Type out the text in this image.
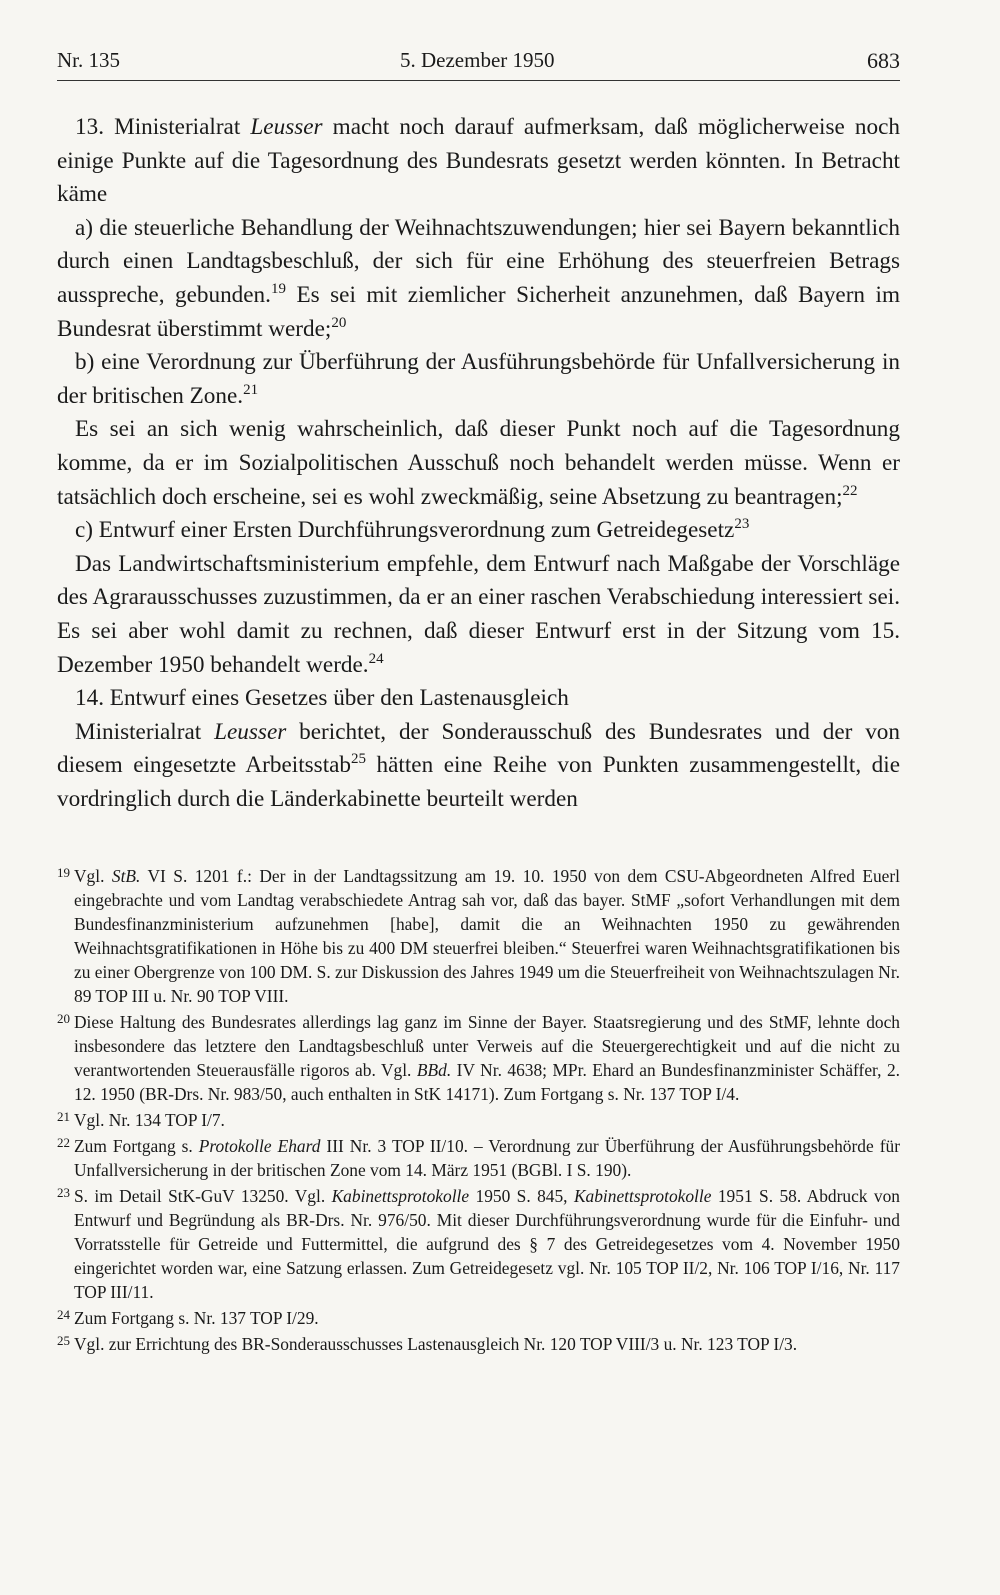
Nr. 135	5. Dezember 1950	683

13. Ministerialrat Leusser macht noch darauf aufmerksam, daß möglicherweise noch einige Punkte auf die Tagesordnung des Bundesrats gesetzt werden könnten. In Betracht käme

a) die steuerliche Behandlung der Weihnachtszuwendungen; hier sei Bayern bekanntlich durch einen Landtagsbeschluß, der sich für eine Erhöhung des steuerfreien Betrags ausspreche, gebunden.$^{19}$ Es sei mit ziemlicher Sicherheit anzunehmen, daß Bayern im Bundesrat überstimmt werde;$^{20}$

b) eine Verordnung zur Überführung der Ausführungsbehörde für Unfallversicherung in der britischen Zone.$^{21}$

Es sei an sich wenig wahrscheinlich, daß dieser Punkt noch auf die Tagesordnung komme, da er im Sozialpolitischen Ausschuß noch behandelt werden müsse. Wenn er tatsächlich doch erscheine, sei es wohl zweckmäßig, seine Absetzung zu beantragen;$^{22}$

c) Entwurf einer Ersten Durchführungsverordnung zum Getreidegesetz$^{23}$

Das Landwirtschaftsministerium empfehle, dem Entwurf nach Maßgabe der Vorschläge des Agrarausschusses zuzustimmen, da er an einer raschen Verabschiedung interessiert sei. Es sei aber wohl damit zu rechnen, daß dieser Entwurf erst in der Sitzung vom 15. Dezember 1950 behandelt werde.$^{24}$

14. Entwurf eines Gesetzes über den Lastenausgleich

Ministerialrat Leusser berichtet, der Sonderausschuß des Bundesrates und der von diesem eingesetzte Arbeitsstab$^{25}$ hätten eine Reihe von Punkten zusammengestellt, die vordringlich durch die Länderkabinette beurteilt werden

19 Vgl. StB. VI S. 1201 f.: Der in der Landtagssitzung am 19. 10. 1950 von dem CSU-Abgeordneten Alfred Euerl eingebrachte und vom Landtag verabschiedete Antrag sah vor, daß das bayer. StMF „sofort Verhandlungen mit dem Bundesfinanzministerium aufzunehmen [habe], damit die an Weihnachten 1950 zu gewährenden Weihnachtsgratifikationen in Höhe bis zu 400 DM steuerfrei bleiben.“ Steuerfrei waren Weihnachtsgratifikationen bis zu einer Obergrenze von 100 DM. S. zur Diskussion des Jahres 1949 um die Steuerfreiheit von Weihnachtszulagen Nr. 89 TOP III u. Nr. 90 TOP VIII.

20 Diese Haltung des Bundesrates allerdings lag ganz im Sinne der Bayer. Staatsregierung und des StMF, lehnte doch insbesondere das letztere den Landtagsbeschluß unter Verweis auf die Steuergerechtigkeit und auf die nicht zu verantwortenden Steuerausfälle rigoros ab. Vgl. BBd. IV Nr. 4638; MPr. Ehard an Bundesfinanzminister Schäffer, 2. 12. 1950 (BR-Drs. Nr. 983/50, auch enthalten in StK 14171). Zum Fortgang s. Nr. 137 TOP I/4.

21 Vgl. Nr. 134 TOP I/7.

22 Zum Fortgang s. Protokolle Ehard III Nr. 3 TOP II/10. – Verordnung zur Überführung der Ausführungsbehörde für Unfallversicherung in der britischen Zone vom 14. März 1951 (BGBl. I S. 190).

23 S. im Detail StK-GuV 13250. Vgl. Kabinettsprotokolle 1950 S. 845, Kabinettsprotokolle 1951 S. 58. Abdruck von Entwurf und Begründung als BR-Drs. Nr. 976/50. Mit dieser Durchführungsverordnung wurde für die Einfuhr- und Vorratsstelle für Getreide und Futtermittel, die aufgrund des § 7 des Getreidegesetzes vom 4. November 1950 eingerichtet worden war, eine Satzung erlassen. Zum Getreidegesetz vgl. Nr. 105 TOP II/2, Nr. 106 TOP I/16, Nr. 117 TOP III/11.

24 Zum Fortgang s. Nr. 137 TOP I/29.

25 Vgl. zur Errichtung des BR-Sonderausschusses Lastenausgleich Nr. 120 TOP VIII/3 u. Nr. 123 TOP I/3.
